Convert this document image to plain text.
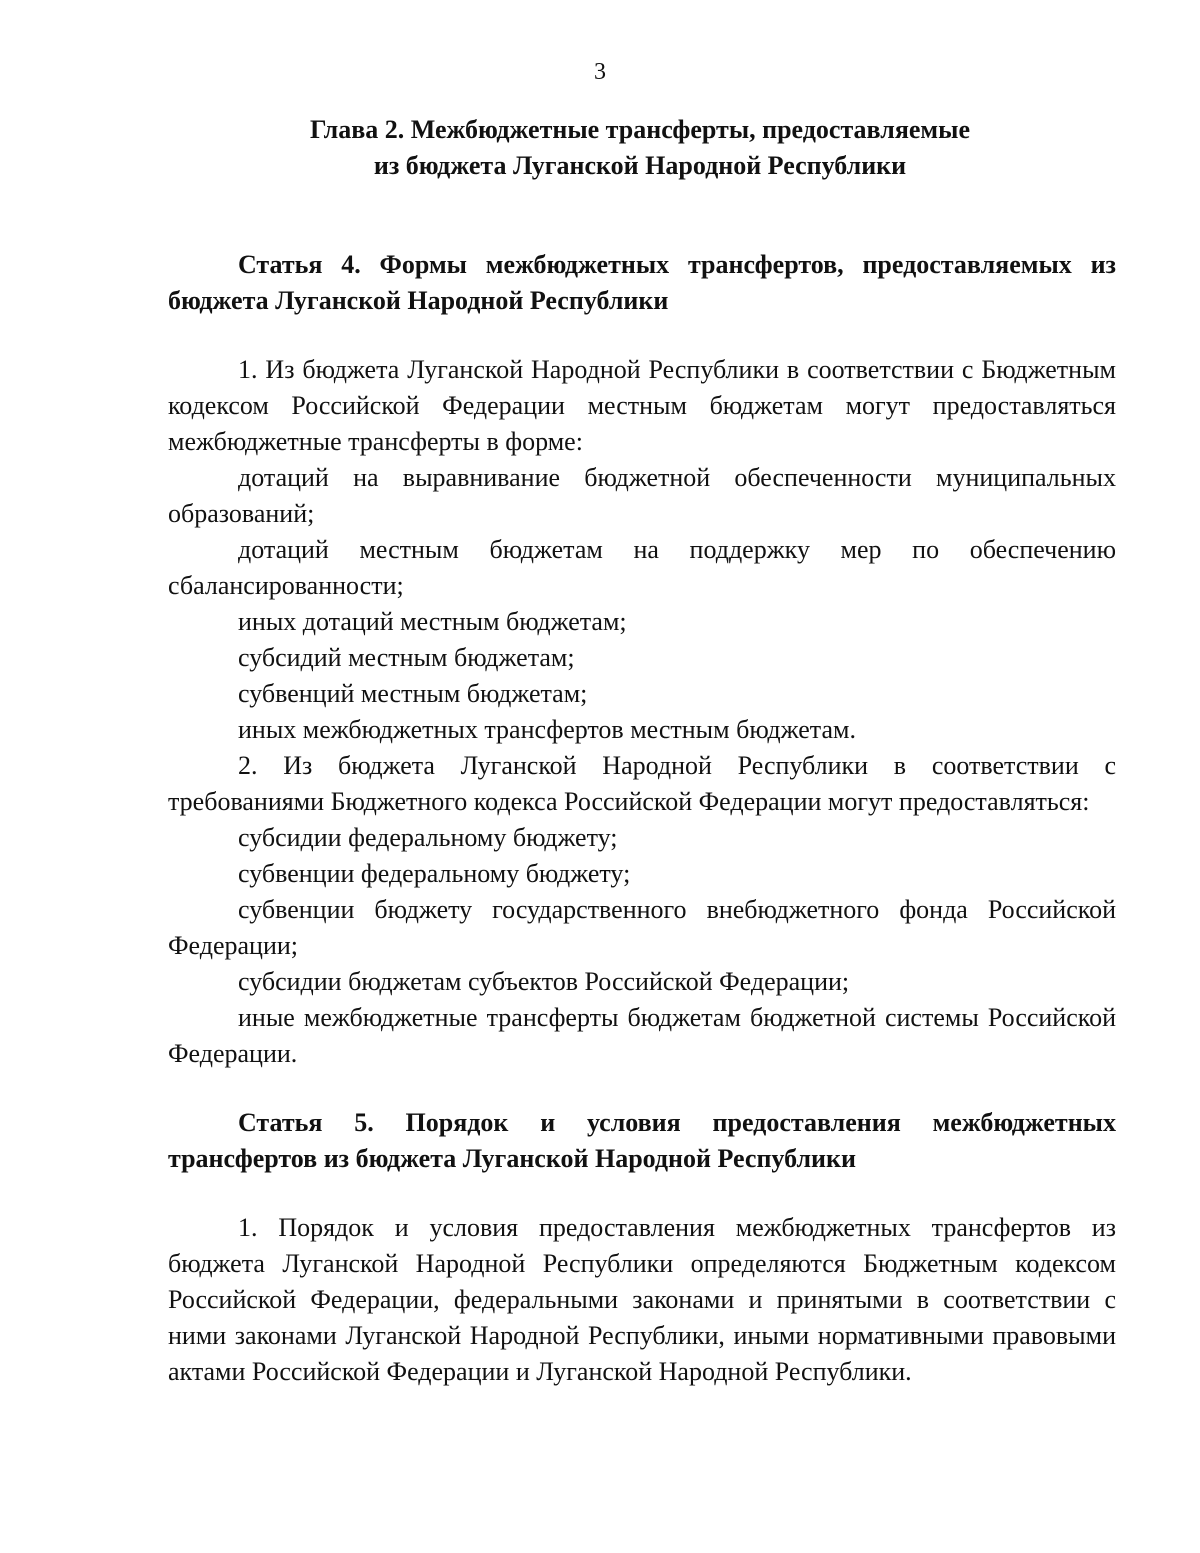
3
Глава 2. Межбюджетные трансферты, предоставляемые
из бюджета Луганской Народной Республики

Статья 4. Формы межбюджетных трансфертов, предоставляемых из бюджета Луганской Народной Республики

1. Из бюджета Луганской Народной Республики в соответствии с Бюджетным кодексом Российской Федерации местным бюджетам могут предоставляться межбюджетные трансферты в форме:

дотаций на выравнивание бюджетной обеспеченности муниципальных образований;

дотаций местным бюджетам на поддержку мер по обеспечению сбалансированности;

иных дотаций местным бюджетам;

субсидий местным бюджетам;

субвенций местным бюджетам;

иных межбюджетных трансфертов местным бюджетам.

2. Из бюджета Луганской Народной Республики в соответствии с требованиями Бюджетного кодекса Российской Федерации могут предоставляться:

субсидии федеральному бюджету;

субвенции федеральному бюджету;

субвенции бюджету государственного внебюджетного фонда Российской Федерации;

субсидии бюджетам субъектов Российской Федерации;

иные межбюджетные трансферты бюджетам бюджетной системы Российской Федерации.

Статья 5. Порядок и условия предоставления межбюджетных трансфертов из бюджета Луганской Народной Республики

1. Порядок и условия предоставления межбюджетных трансфертов из бюджета Луганской Народной Республики определяются Бюджетным кодексом Российской Федерации, федеральными законами и принятыми в соответствии с ними законами Луганской Народной Республики, иными нормативными правовыми актами Российской Федерации и Луганской Народной Республики.
